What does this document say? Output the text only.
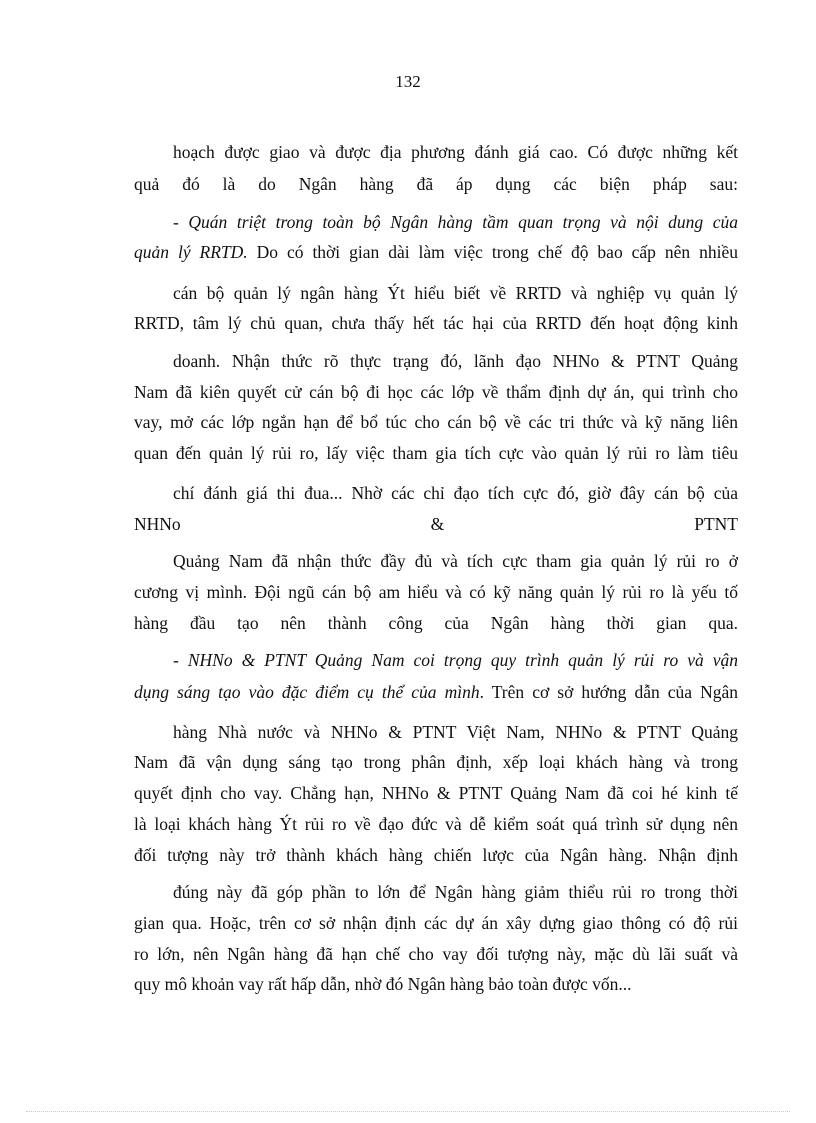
132
hoạch được giao và được địa phương đánh giá cao. Có được những kết
quả đó là do Ngân hàng đã áp dụng các biện pháp sau:
- Quán triệt trong toàn bộ Ngân hàng tầm quan trọng và nội dung của
quản lý RRTD. Do có thời gian dài làm việc trong chế độ bao cấp nên nhiều
cán bộ quản lý ngân hàng Ýt hiểu biết về RRTD và nghiệp vụ quản lý
RRTD, tâm lý chủ quan, chưa thấy hết tác hại của RRTD đến hoạt động kinh
doanh. Nhận thức rõ thực trạng đó, lãnh đạo NHNo & PTNT Quảng
Nam đã kiên quyết cử cán bộ đi học các lớp về thẩm định dự án, qui trình cho
vay, mở các lớp ngắn hạn để bổ túc cho cán bộ về các tri thức và kỹ năng liên
quan đến quản lý rủi ro, lấy việc tham gia tích cực vào quản lý rủi ro làm tiêu
chí đánh giá thi đua... Nhờ các chỉ đạo tích cực đó, giờ đây cán bộ của
NHNo & PTNT
Quảng Nam đã nhận thức đầy đủ và tích cực tham gia quản lý rủi ro ở
cương vị mình. Đội ngũ cán bộ am hiểu và có kỹ năng quản lý rủi ro là yếu tố
hàng đầu tạo nên thành công của Ngân hàng thời gian qua.
- NHNo & PTNT Quảng Nam coi trọng quy trình quản lý rủi ro và vận
dụng sáng tạo vào đặc điểm cụ thể của mình. Trên cơ sở hướng dẫn của Ngân
hàng Nhà nước và NHNo & PTNT Việt Nam, NHNo & PTNT Quảng
Nam đã vận dụng sáng tạo trong phân định, xếp loại khách hàng và trong
quyết định cho vay. Chẳng hạn, NHNo & PTNT Quảng Nam đã coi hé kinh tế
là loại khách hàng Ýt rủi ro về đạo đức và dễ kiểm soát quá trình sử dụng nên
đối tượng này trở thành khách hàng chiến lược của Ngân hàng. Nhận định
đúng này đã góp phần to lớn để Ngân hàng giảm thiểu rủi ro trong thời
gian qua. Hoặc, trên cơ sở nhận định các dự án xây dựng giao thông có độ rủi
ro lớn, nên Ngân hàng đã hạn chế cho vay đối tượng này, mặc dù lãi suất và
quy mô khoản vay rất hấp dẫn, nhờ đó Ngân hàng bảo toàn được vốn...
